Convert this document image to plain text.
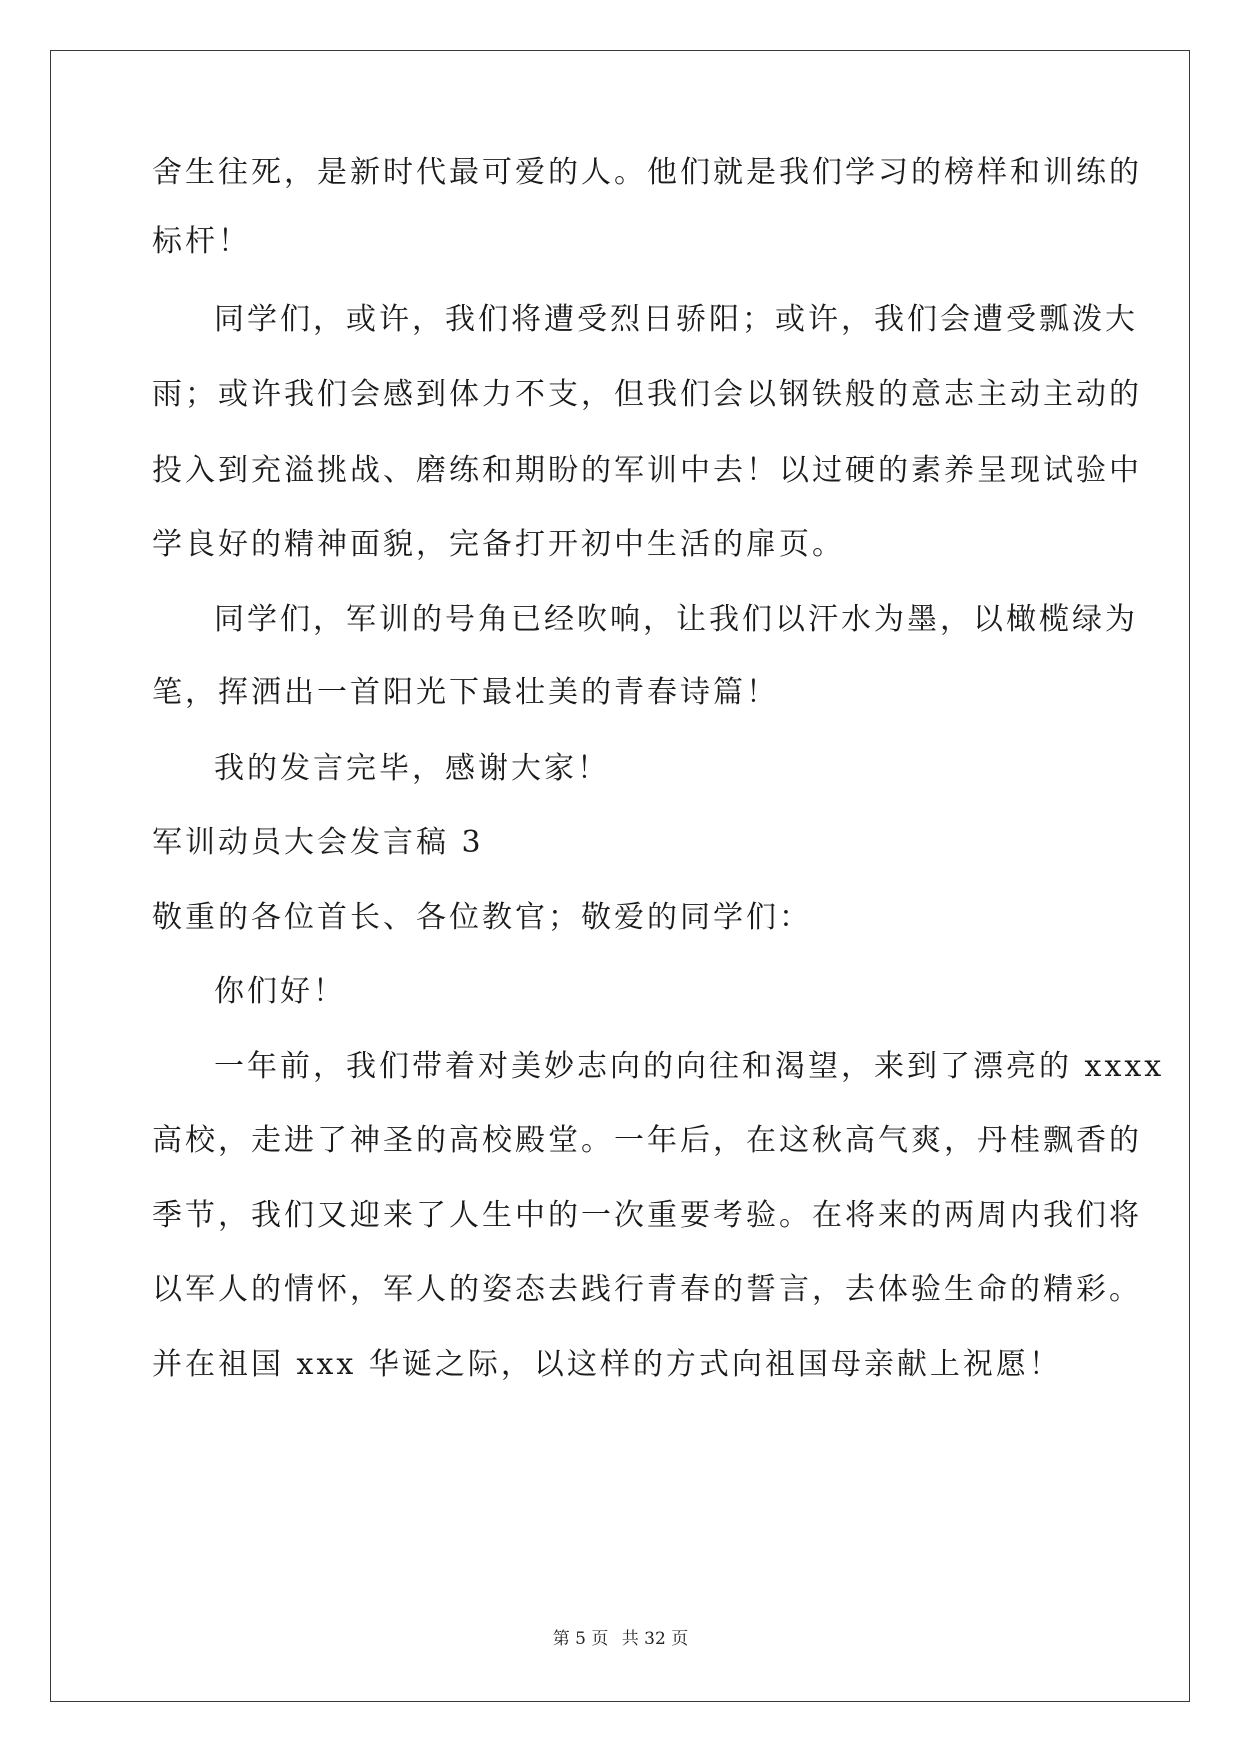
舍生往死，是新时代最可爱的人。他们就是我们学习的榜样和训练的
标杆！
同学们，或许，我们将遭受烈日骄阳；或许，我们会遭受瓢泼大
雨；或许我们会感到体力不支，但我们会以钢铁般的意志主动主动的
投入到充溢挑战、磨练和期盼的军训中去！以过硬的素养呈现试验中
学良好的精神面貌，完备打开初中生活的扉页。
同学们，军训的号角已经吹响，让我们以汗水为墨，以橄榄绿为
笔，挥洒出一首阳光下最壮美的青春诗篇！
我的发言完毕，感谢大家！
军训动员大会发言稿 3
敬重的各位首长、各位教官；敬爱的同学们：
你们好！
一年前，我们带着对美妙志向的向往和渴望，来到了漂亮的 xxxx
高校，走进了神圣的高校殿堂。一年后，在这秋高气爽，丹桂飘香的
季节，我们又迎来了人生中的一次重要考验。在将来的两周内我们将
以军人的情怀，军人的姿态去践行青春的誓言，去体验生命的精彩。
并在祖国 xxx 华诞之际，以这样的方式向祖国母亲献上祝愿！
第 5 页 共 32 页
